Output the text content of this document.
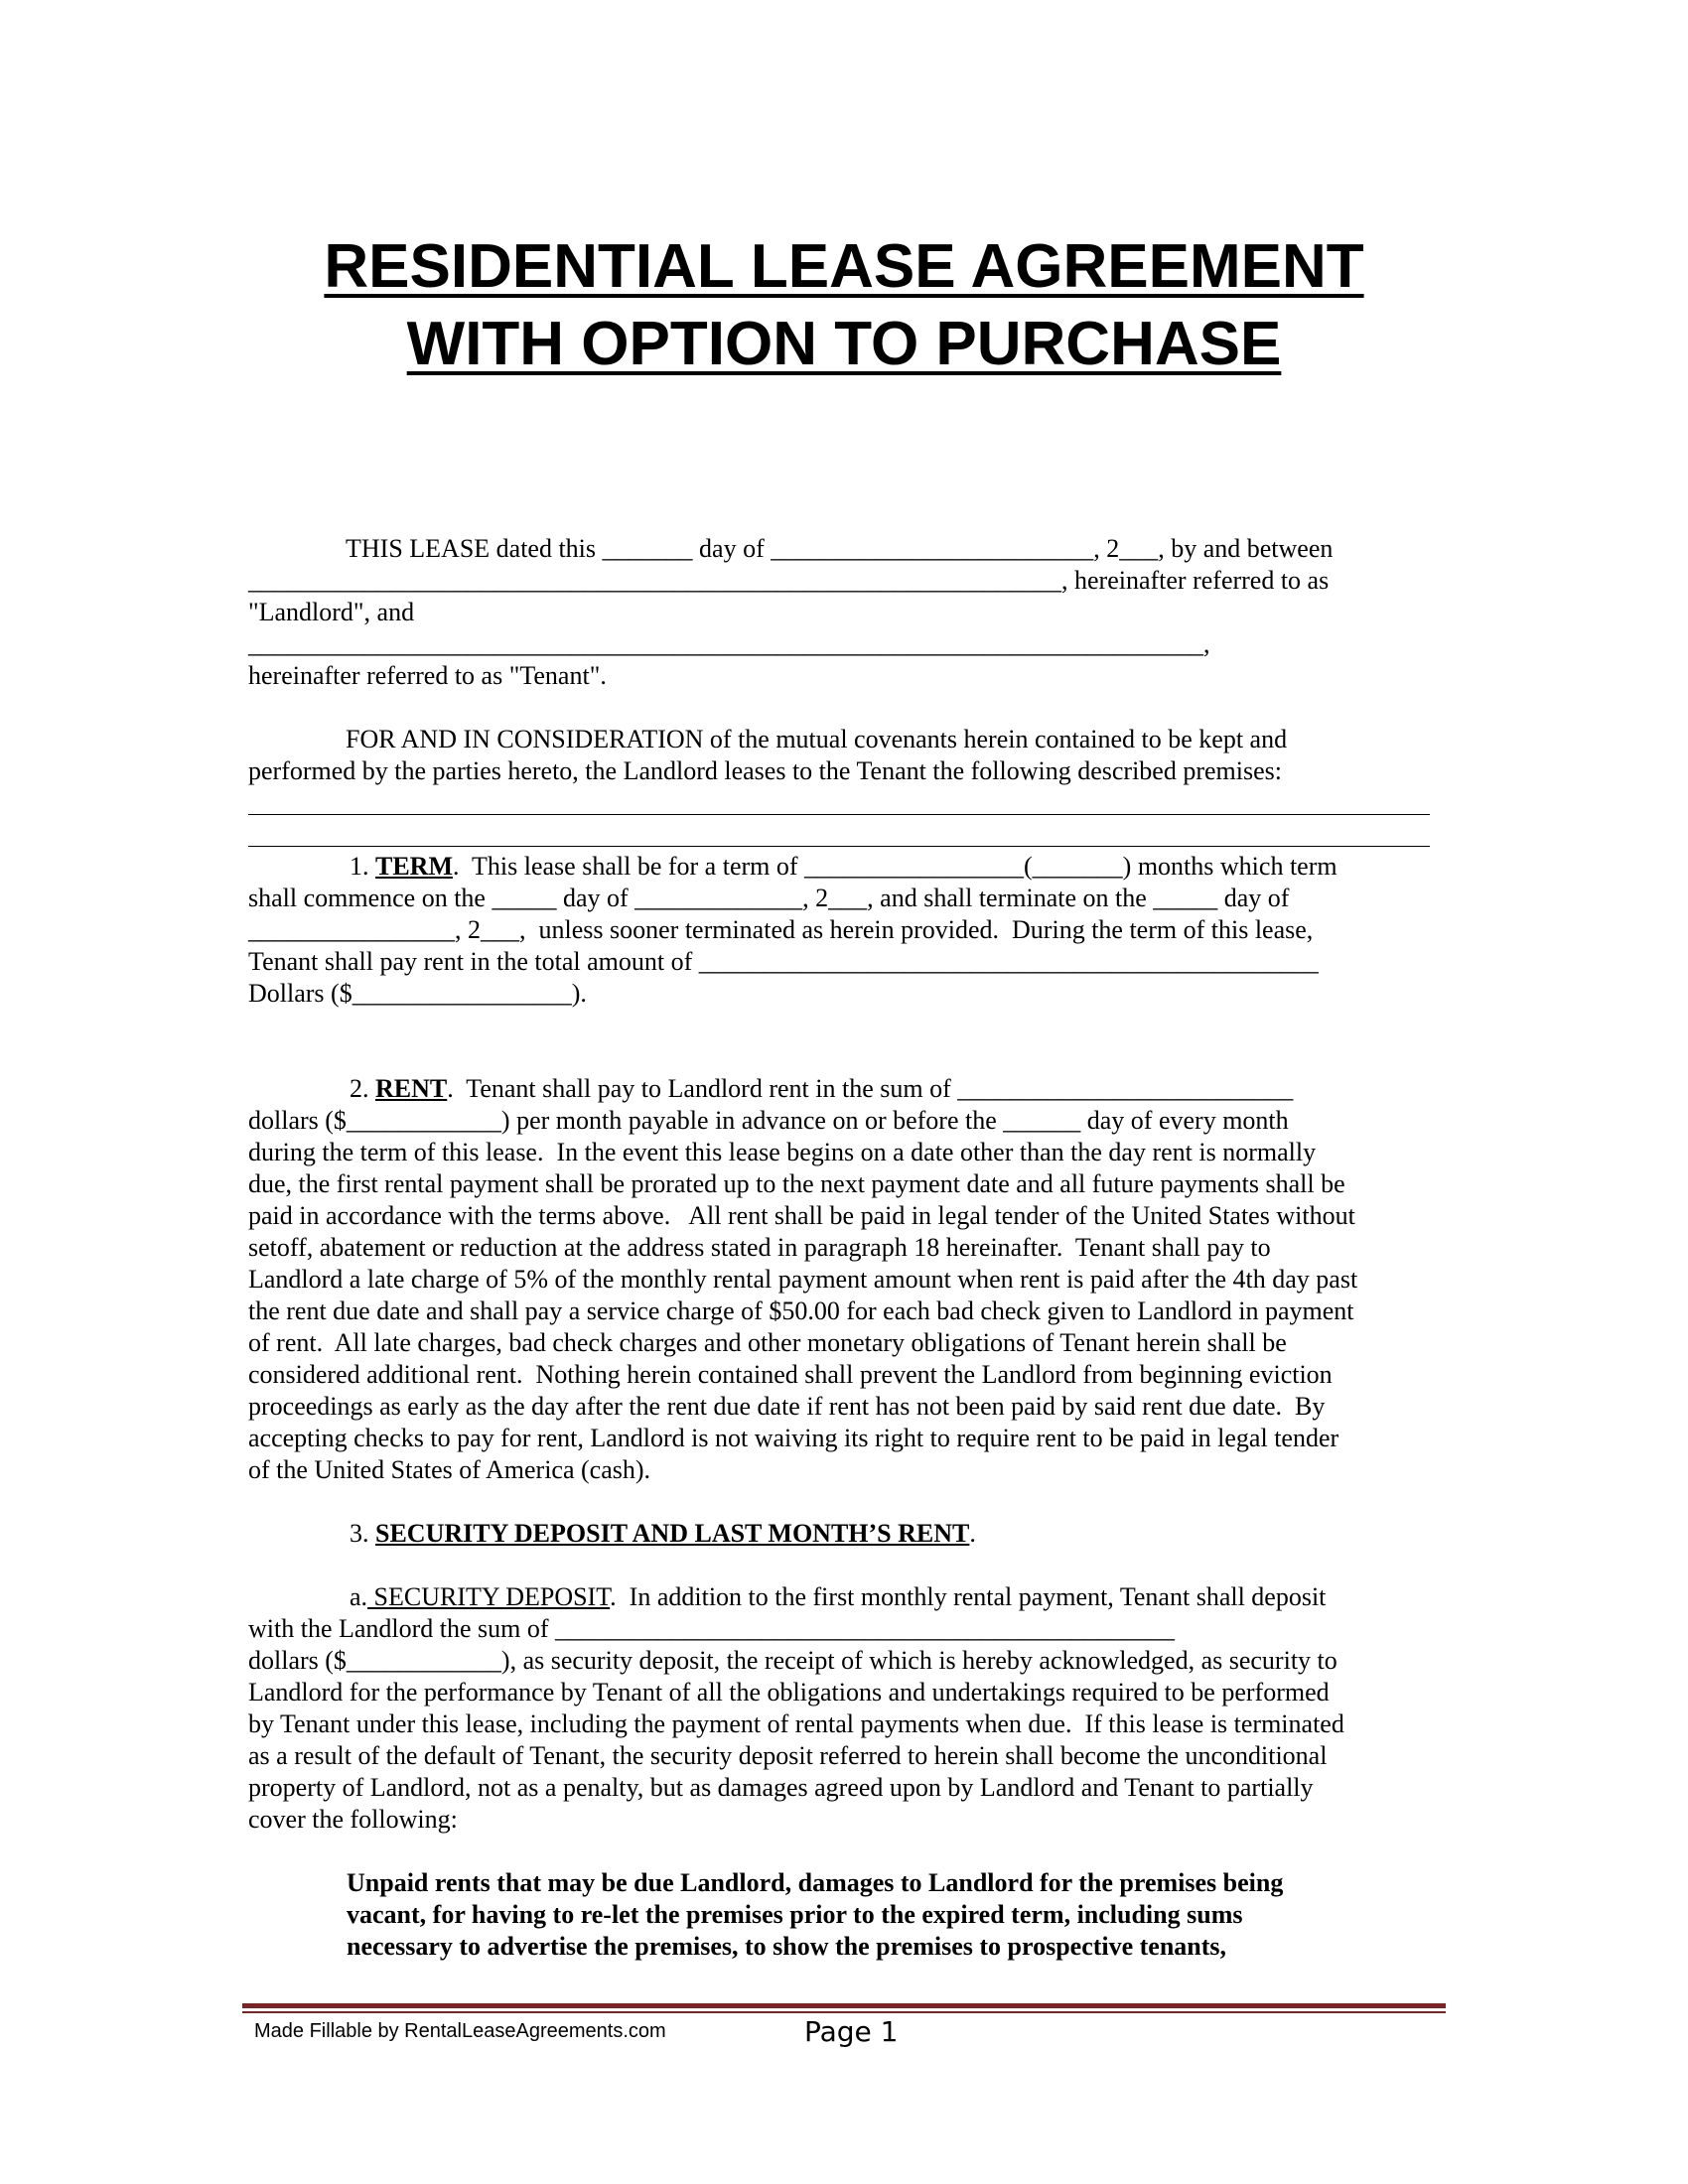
RESIDENTIAL LEASE AGREEMENT
WITH OPTION TO PURCHASE

THIS LEASE dated this _______ day of _________________________, 2___, by and between

_______________________________________________________________, hereinafter referred to as

"Landlord", and

__________________________________________________________________________,

hereinafter referred to as "Tenant".

FOR AND IN CONSIDERATION of the mutual covenants herein contained to be kept and

performed by the parties hereto, the Landlord leases to the Tenant the following described premises:

1. TERM.  This lease shall be for a term of _________________(_______) months which term

shall commence on the _____ day of _____________, 2___, and shall terminate on the _____ day of

________________, 2___,  unless sooner terminated as herein provided.  During the term of this lease,

Tenant shall pay rent in the total amount of ________________________________________________

Dollars ($_________________).

2. RENT.  Tenant shall pay to Landlord rent in the sum of __________________________

dollars ($____________) per month payable in advance on or before the ______ day of every month

during the term of this lease.  In the event this lease begins on a date other than the day rent is normally

due, the first rental payment shall be prorated up to the next payment date and all future payments shall be

paid in accordance with the terms above.   All rent shall be paid in legal tender of the United States without

setoff, abatement or reduction at the address stated in paragraph 18 hereinafter.  Tenant shall pay to

Landlord a late charge of 5% of the monthly rental payment amount when rent is paid after the 4th day past

the rent due date and shall pay a service charge of $50.00 for each bad check given to Landlord in payment

of rent.  All late charges, bad check charges and other monetary obligations of Tenant herein shall be

considered additional rent.  Nothing herein contained shall prevent the Landlord from beginning eviction

proceedings as early as the day after the rent due date if rent has not been paid by said rent due date.  By

accepting checks to pay for rent, Landlord is not waiving its right to require rent to be paid in legal tender

of the United States of America (cash).

3. SECURITY DEPOSIT AND LAST MONTH’S RENT.

a. SECURITY DEPOSIT.  In addition to the first monthly rental payment, Tenant shall deposit

with the Landlord the sum of ________________________________________________

dollars ($____________), as security deposit, the receipt of which is hereby acknowledged, as security to

Landlord for the performance by Tenant of all the obligations and undertakings required to be performed

by Tenant under this lease, including the payment of rental payments when due.  If this lease is terminated

as a result of the default of Tenant, the security deposit referred to herein shall become the unconditional

property of Landlord, not as a penalty, but as damages agreed upon by Landlord and Tenant to partially

cover the following:

Unpaid rents that may be due Landlord, damages to Landlord for the premises being

vacant, for having to re-let the premises prior to the expired term, including sums

necessary to advertise the premises, to show the premises to prospective tenants,

Made Fillable by RentalLeaseAgreements.com	Page 1
